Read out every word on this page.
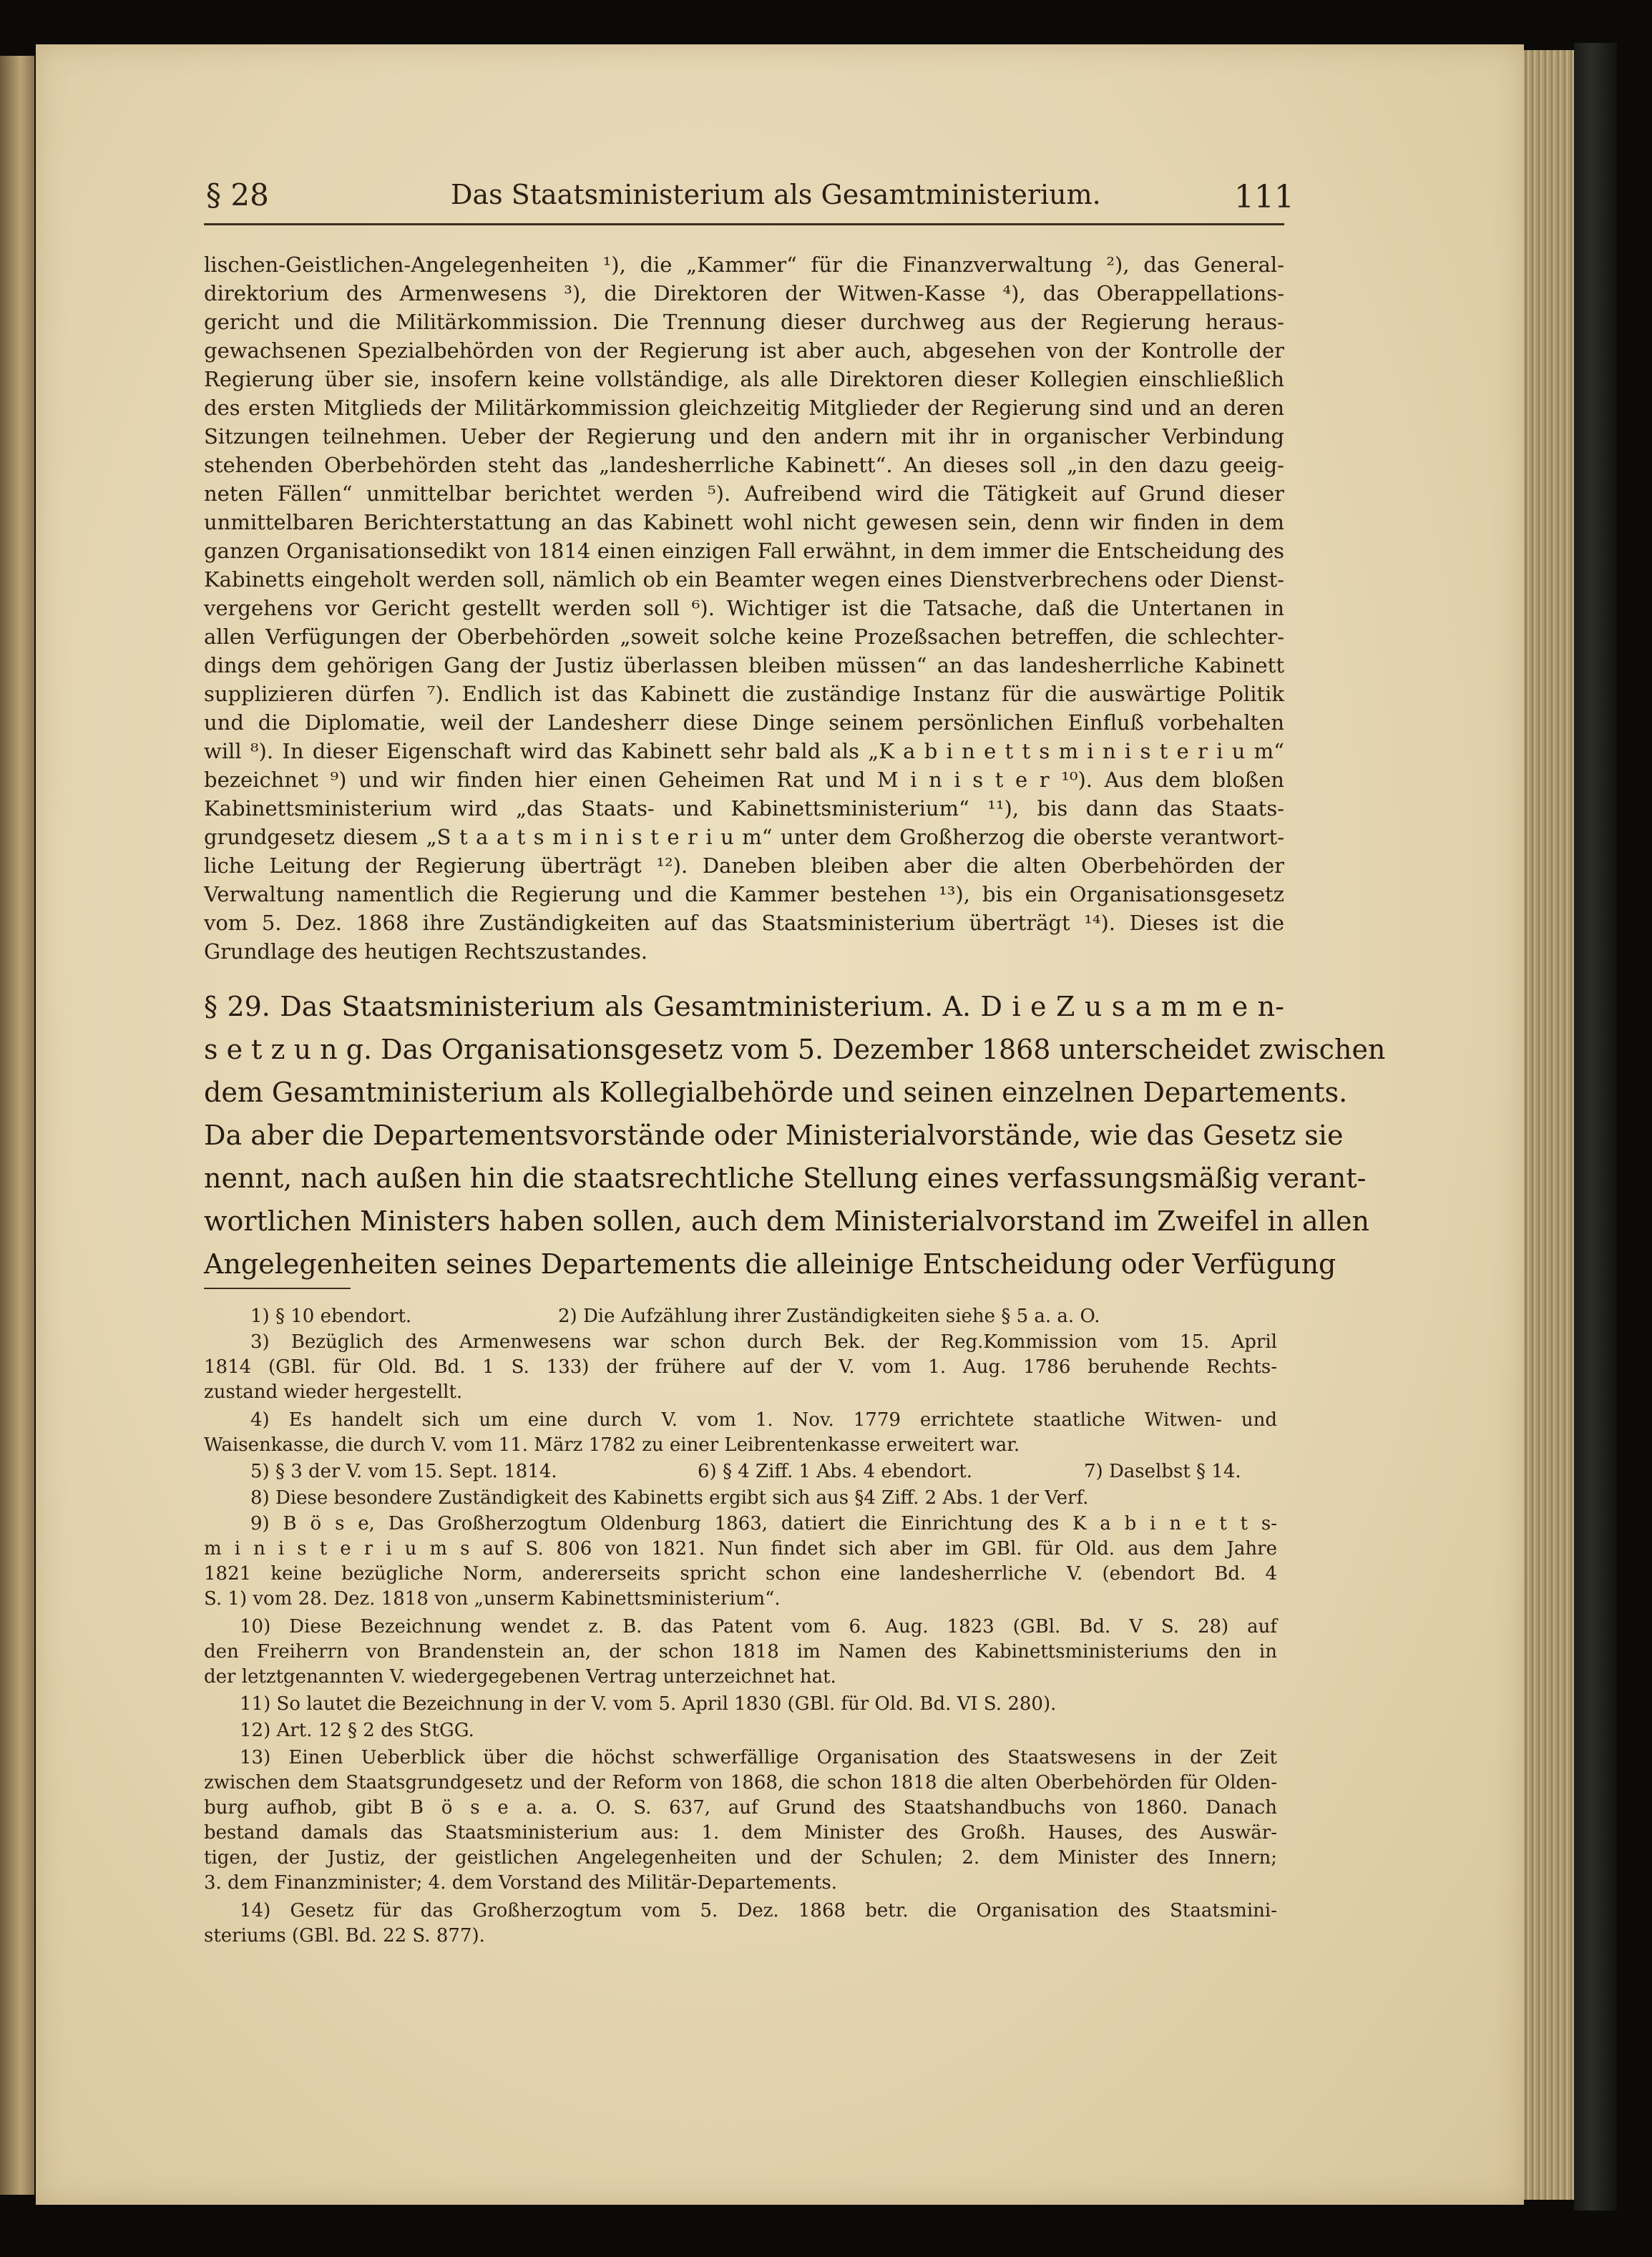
§ 28	Das Staatsministerium als Gesamtministerium.	111
lischen-Geistlichen-Angelegenheiten ¹), die „Kammer“ für die Finanzverwaltung ²), das General-
direktorium des Armenwesens ³), die Direktoren der Witwen-Kasse ⁴), das Oberappellations-
gericht und die Militärkommission. Die Trennung dieser durchweg aus der Regierung heraus-
gewachsenen Spezialbehörden von der Regierung ist aber auch, abgesehen von der Kontrolle der
Regierung über sie, insofern keine vollständige, als alle Direktoren dieser Kollegien einschließlich
des ersten Mitglieds der Militärkommission gleichzeitig Mitglieder der Regierung sind und an deren
Sitzungen teilnehmen. Ueber der Regierung und den andern mit ihr in organischer Verbindung
stehenden Oberbehörden steht das „landesherrliche Kabinett“. An dieses soll „in den dazu geeig-
neten Fällen“ unmittelbar berichtet werden ⁵). Aufreibend wird die Tätigkeit auf Grund dieser
unmittelbaren Berichterstattung an das Kabinett wohl nicht gewesen sein, denn wir finden in dem
ganzen Organisationsedikt von 1814 einen einzigen Fall erwähnt, in dem immer die Entscheidung des
Kabinetts eingeholt werden soll, nämlich ob ein Beamter wegen eines Dienstverbrechens oder Dienst-
vergehens vor Gericht gestellt werden soll ⁶). Wichtiger ist die Tatsache, daß die Untertanen in
allen Verfügungen der Oberbehörden „soweit solche keine Prozeßsachen betreffen, die schlechter-
dings dem gehörigen Gang der Justiz überlassen bleiben müssen“ an das landesherrliche Kabinett
supplizieren dürfen ⁷). Endlich ist das Kabinett die zuständige Instanz für die auswärtige Politik
und die Diplomatie, weil der Landesherr diese Dinge seinem persönlichen Einfluß vorbehalten
will ⁸). In dieser Eigenschaft wird das Kabinett sehr bald als „K a b i n e t t s m i n i s t e r i u m“
bezeichnet ⁹) und wir finden hier einen Geheimen Rat und M i n i s t e r ¹⁰). Aus dem bloßen
Kabinettsministerium wird „das Staats- und Kabinettsministerium“ ¹¹), bis dann das Staats-
grundgesetz diesem „S t a a t s m i n i s t e r i u m“ unter dem Großherzog die oberste verantwort-
liche Leitung der Regierung überträgt ¹²). Daneben bleiben aber die alten Oberbehörden der
Verwaltung namentlich die Regierung und die Kammer bestehen ¹³), bis ein Organisationsgesetz
vom 5. Dez. 1868 ihre Zuständigkeiten auf das Staatsministerium überträgt ¹⁴). Dieses ist die
Grundlage des heutigen Rechtszustandes.
§ 29. Das Staatsministerium als Gesamtministerium. A. D i e Z u s a m m e n-
s e t z u n g. Das Organisationsgesetz vom 5. Dezember 1868 unterscheidet zwischen
dem Gesamtministerium als Kollegialbehörde und seinen einzelnen Departements.
Da aber die Departementsvorstände oder Ministerialvorstände, wie das Gesetz sie
nennt, nach außen hin die staatsrechtliche Stellung eines verfassungsmäßig verant-
wortlichen Ministers haben sollen, auch dem Ministerialvorstand im Zweifel in allen
Angelegenheiten seines Departements die alleinige Entscheidung oder Verfügung
1) § 10 ebendort.	2) Die Aufzählung ihrer Zuständigkeiten siehe § 5 a. a. O.
3) Bezüglich des Armenwesens war schon durch Bek. der Reg.Kommission vom 15. April
1814 (GBl. für Old. Bd. 1 S. 133) der frühere auf der V. vom 1. Aug. 1786 beruhende Rechts-
zustand wieder hergestellt.
4) Es handelt sich um eine durch V. vom 1. Nov. 1779 errichtete staatliche Witwen- und
Waisenkasse, die durch V. vom 11. März 1782 zu einer Leibrentenkasse erweitert war.
5) § 3 der V. vom 15. Sept. 1814.	6) § 4 Ziff. 1 Abs. 4 ebendort.	7) Daselbst § 14.
8) Diese besondere Zuständigkeit des Kabinetts ergibt sich aus §4 Ziff. 2 Abs. 1 der Verf.
9) B ö s e, Das Großherzogtum Oldenburg 1863, datiert die Einrichtung des K a b i n e t t s-
m i n i s t e r i u m s auf S. 806 von 1821. Nun findet sich aber im GBl. für Old. aus dem Jahre
1821 keine bezügliche Norm, andererseits spricht schon eine landesherrliche V. (ebendort Bd. 4
S. 1) vom 28. Dez. 1818 von „unserm Kabinettsministerium“.
10) Diese Bezeichnung wendet z. B. das Patent vom 6. Aug. 1823 (GBl. Bd. V S. 28) auf
den Freiherrn von Brandenstein an, der schon 1818 im Namen des Kabinettsministeriums den in
der letztgenannten V. wiedergegebenen Vertrag unterzeichnet hat.
11) So lautet die Bezeichnung in der V. vom 5. April 1830 (GBl. für Old. Bd. VI S. 280).
12) Art. 12 § 2 des StGG.
13) Einen Ueberblick über die höchst schwerfällige Organisation des Staatswesens in der Zeit
zwischen dem Staatsgrundgesetz und der Reform von 1868, die schon 1818 die alten Oberbehörden für Olden-
burg aufhob, gibt B ö s e a. a. O. S. 637, auf Grund des Staatshandbuchs von 1860. Danach
bestand damals das Staatsministerium aus: 1. dem Minister des Großh. Hauses, des Auswär-
tigen, der Justiz, der geistlichen Angelegenheiten und der Schulen; 2. dem Minister des Innern;
3. dem Finanzminister; 4. dem Vorstand des Militär-Departements.
14) Gesetz für das Großherzogtum vom 5. Dez. 1868 betr. die Organisation des Staatsmini-
steriums (GBl. Bd. 22 S. 877).
